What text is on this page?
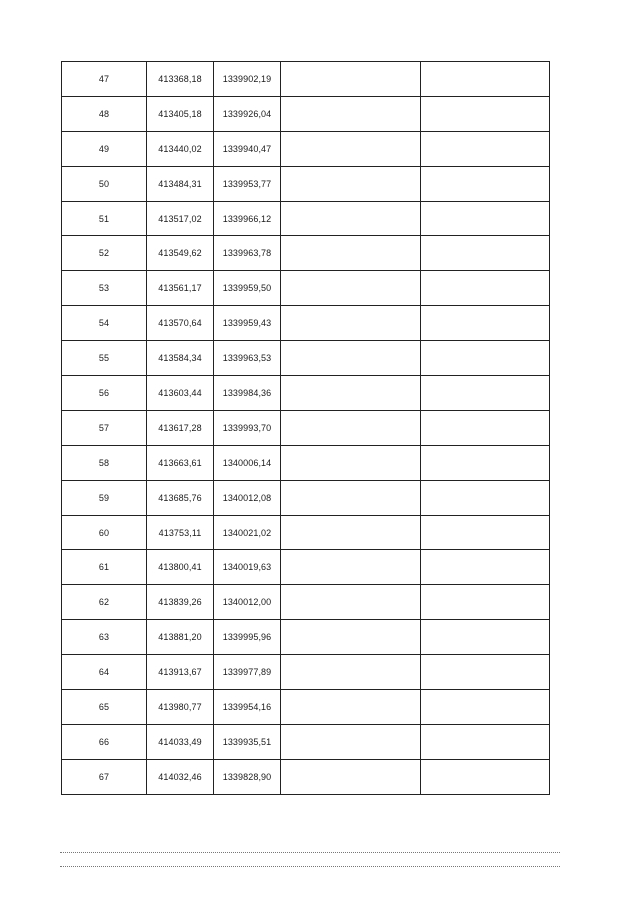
47	413368,18	1339902,19		
48	413405,18	1339926,04		
49	413440,02	1339940,47		
50	413484,31	1339953,77		
51	413517,02	1339966,12		
52	413549,62	1339963,78		
53	413561,17	1339959,50		
54	413570,64	1339959,43		
55	413584,34	1339963,53		
56	413603,44	1339984,36		
57	413617,28	1339993,70		
58	413663,61	1340006,14		
59	413685,76	1340012,08		
60	413753,11	1340021,02		
61	413800,41	1340019,63		
62	413839,26	1340012,00		
63	413881,20	1339995,96		
64	413913,67	1339977,89		
65	413980,77	1339954,16		
66	414033,49	1339935,51		
67	414032,46	1339828,90		
